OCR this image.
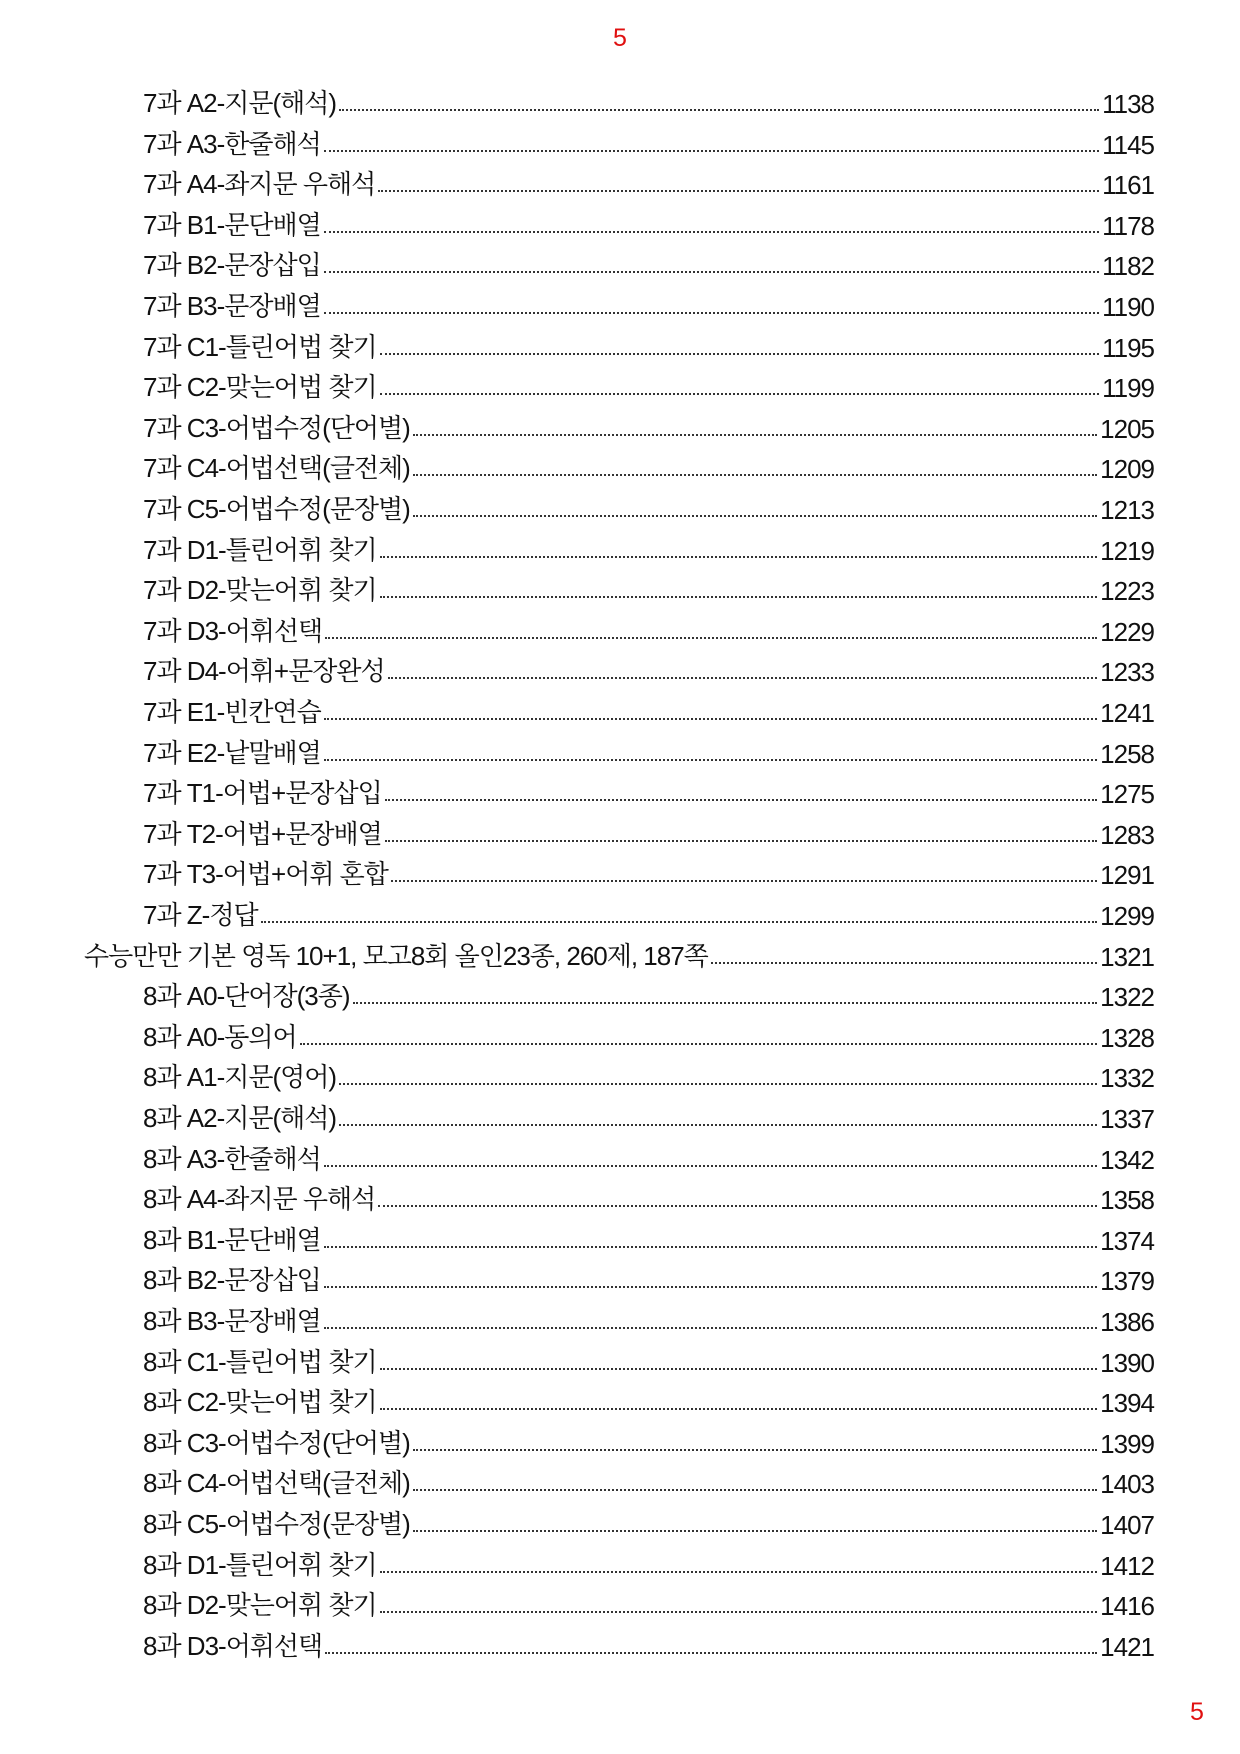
5
7과 A2-지문(해석)	1138
7과 A3-한줄해석	1145
7과 A4-좌지문 우해석	1161
7과 B1-문단배열	1178
7과 B2-문장삽입	1182
7과 B3-문장배열	1190
7과 C1-틀린어법 찾기	1195
7과 C2-맞는어법 찾기	1199
7과 C3-어법수정(단어별)	1205
7과 C4-어법선택(글전체)	1209
7과 C5-어법수정(문장별)	1213
7과 D1-틀린어휘 찾기	1219
7과 D2-맞는어휘 찾기	1223
7과 D3-어휘선택	1229
7과 D4-어휘+문장완성	1233
7과 E1-빈칸연습	1241
7과 E2-낱말배열	1258
7과 T1-어법+문장삽입	1275
7과 T2-어법+문장배열	1283
7과 T3-어법+어휘 혼합	1291
7과 Z-정답	1299
수능만만 기본 영독 10+1, 모고8회 올인23종, 260제, 187쪽	1321
8과 A0-단어장(3종)	1322
8과 A0-동의어	1328
8과 A1-지문(영어)	1332
8과 A2-지문(해석)	1337
8과 A3-한줄해석	1342
8과 A4-좌지문 우해석	1358
8과 B1-문단배열	1374
8과 B2-문장삽입	1379
8과 B3-문장배열	1386
8과 C1-틀린어법 찾기	1390
8과 C2-맞는어법 찾기	1394
8과 C3-어법수정(단어별)	1399
8과 C4-어법선택(글전체)	1403
8과 C5-어법수정(문장별)	1407
8과 D1-틀린어휘 찾기	1412
8과 D2-맞는어휘 찾기	1416
8과 D3-어휘선택	1421
5
